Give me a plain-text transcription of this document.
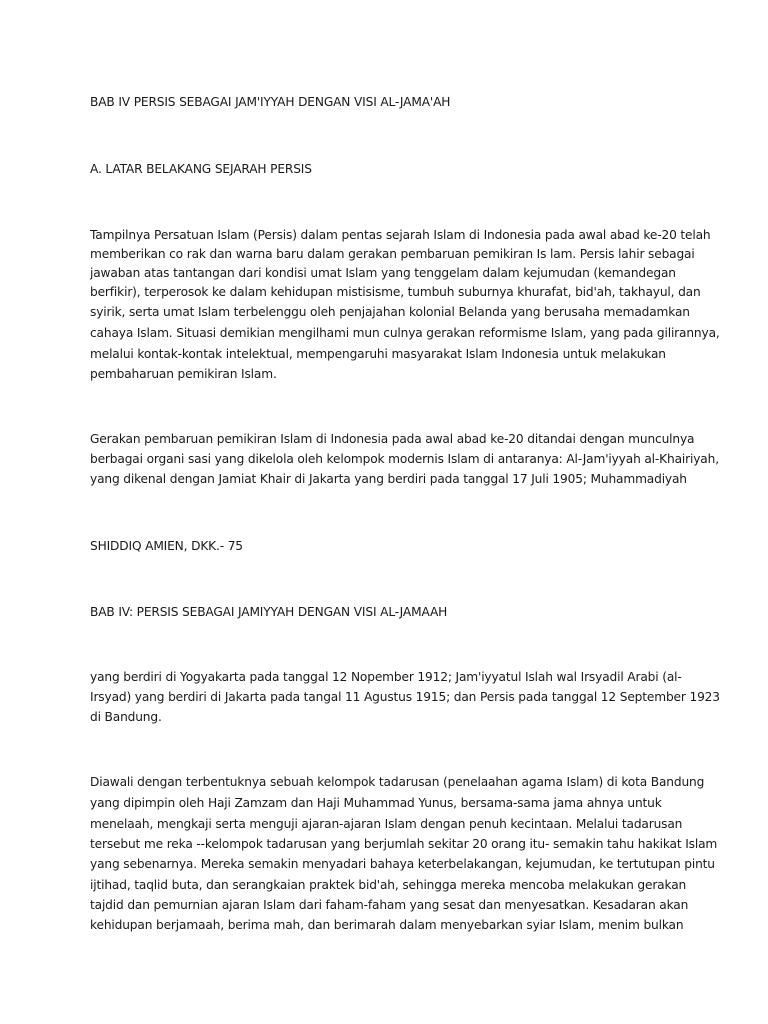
BAB IV PERSIS SEBAGAI JAM'IYYAH DENGAN VISI AL-JAMA'AH
A. LATAR BELAKANG SEJARAH PERSIS
Tampilnya Persatuan Islam (Persis) dalam pentas sejarah Islam di Indonesia pada awal abad ke-20 telah
memberikan co rak dan warna baru dalam gerakan pembaruan pemikiran Is lam. Persis lahir sebagai
jawaban atas tantangan dari kondisi umat Islam yang tenggelam dalam kejumudan (kemandegan
berfikir), terperosok ke dalam kehidupan mistisisme, tumbuh suburnya khurafat, bid'ah, takhayul, dan
syirik, serta umat Islam terbelenggu oleh penjajahan kolonial Belanda yang berusaha memadamkan
cahaya Islam. Situasi demikian mengilhami mun culnya gerakan reformisme Islam, yang pada gilirannya,
melalui kontak-kontak intelektual, mempengaruhi masyarakat Islam Indonesia untuk melakukan
pembaharuan pemikiran Islam.
Gerakan pembaruan pemikiran Islam di Indonesia pada awal abad ke-20 ditandai dengan munculnya
berbagai organi sasi yang dikelola oleh kelompok modernis Islam di antaranya: Al-Jam'iyyah al-Khairiyah,
yang dikenal dengan Jamiat Khair di Jakarta yang berdiri pada tanggal 17 Juli 1905; Muhammadiyah
SHIDDIQ AMIEN, DKK.- 75
BAB IV: PERSIS SEBAGAI JAMIYYAH DENGAN VISI AL-JAMAAH
yang berdiri di Yogyakarta pada tanggal 12 Nopember 1912; Jam'iyyatul Islah wal Irsyadil Arabi (al-
Irsyad) yang berdiri di Jakarta pada tangal 11 Agustus 1915; dan Persis pada tanggal 12 September 1923
di Bandung.
Diawali dengan terbentuknya sebuah kelompok tadarusan (penelaahan agama Islam) di kota Bandung
yang dipimpin oleh Haji Zamzam dan Haji Muhammad Yunus, bersama-sama jama ahnya untuk
menelaah, mengkaji serta menguji ajaran-ajaran Islam dengan penuh kecintaan. Melalui tadarusan
tersebut me reka --kelompok tadarusan yang berjumlah sekitar 20 orang itu- semakin tahu hakikat Islam
yang sebenarnya. Mereka semakin menyadari bahaya keterbelakangan, kejumudan, ke tertutupan pintu
ijtihad, taqlid buta, dan serangkaian praktek bid'ah, sehingga mereka mencoba melakukan gerakan
tajdid dan pemurnian ajaran Islam dari faham-faham yang sesat dan menyesatkan. Kesadaran akan
kehidupan berjamaah, berima mah, dan berimarah dalam menyebarkan syiar Islam, menim bulkan
